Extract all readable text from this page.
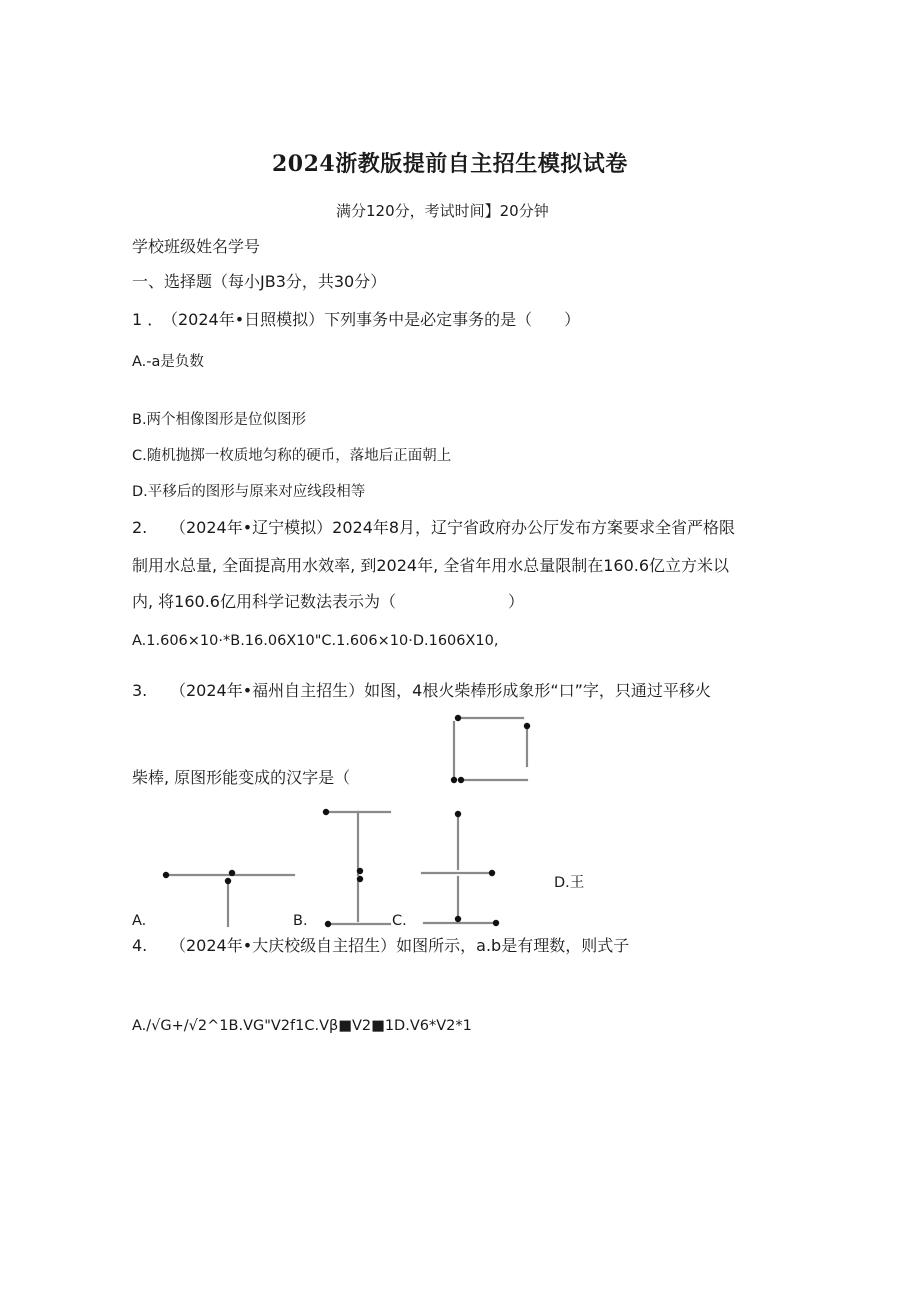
2024浙教版提前自主招生模拟试卷
满分120分，考试时间】20分钟
学校班级姓名学号
一、选择题（每小JB3分，共30分）
1 ．
（2024年•日照模拟）下列事务中是必定事务的是（　　）
A.-a是负数
B.两个相像图形是位似图形
C.随机抛掷一枚质地匀称的硬币，落地后正面朝上
D.平移后的图形与原来对应线段相等
2. （2024年•辽宁模拟）2024年8月，辽宁省政府办公厅发布方案要求全省严格限
制用水总量, 全面提高用水效率, 到2024年, 全省年用水总量限制在160.6亿立方米以
内, 将160.6亿用科学记数法表示为（　　　　　　　）
A.1.606×10·*B.16.06X10"C.1.606×10·D.1606X10,
3. （2024年•福州自主招生）如图，4根火柴棒形成象形“口”字，只通过平移火
柴棒, 原图形能变成的汉字是（
A.	B.	C.
D.王
4. （2024年•大庆校级自主招生）如图所示，a.b是有理数，则式子
A.∕√G+∕√2^1B.VG"V2f1C.Vβ■V2■1D.V6*V2*1
